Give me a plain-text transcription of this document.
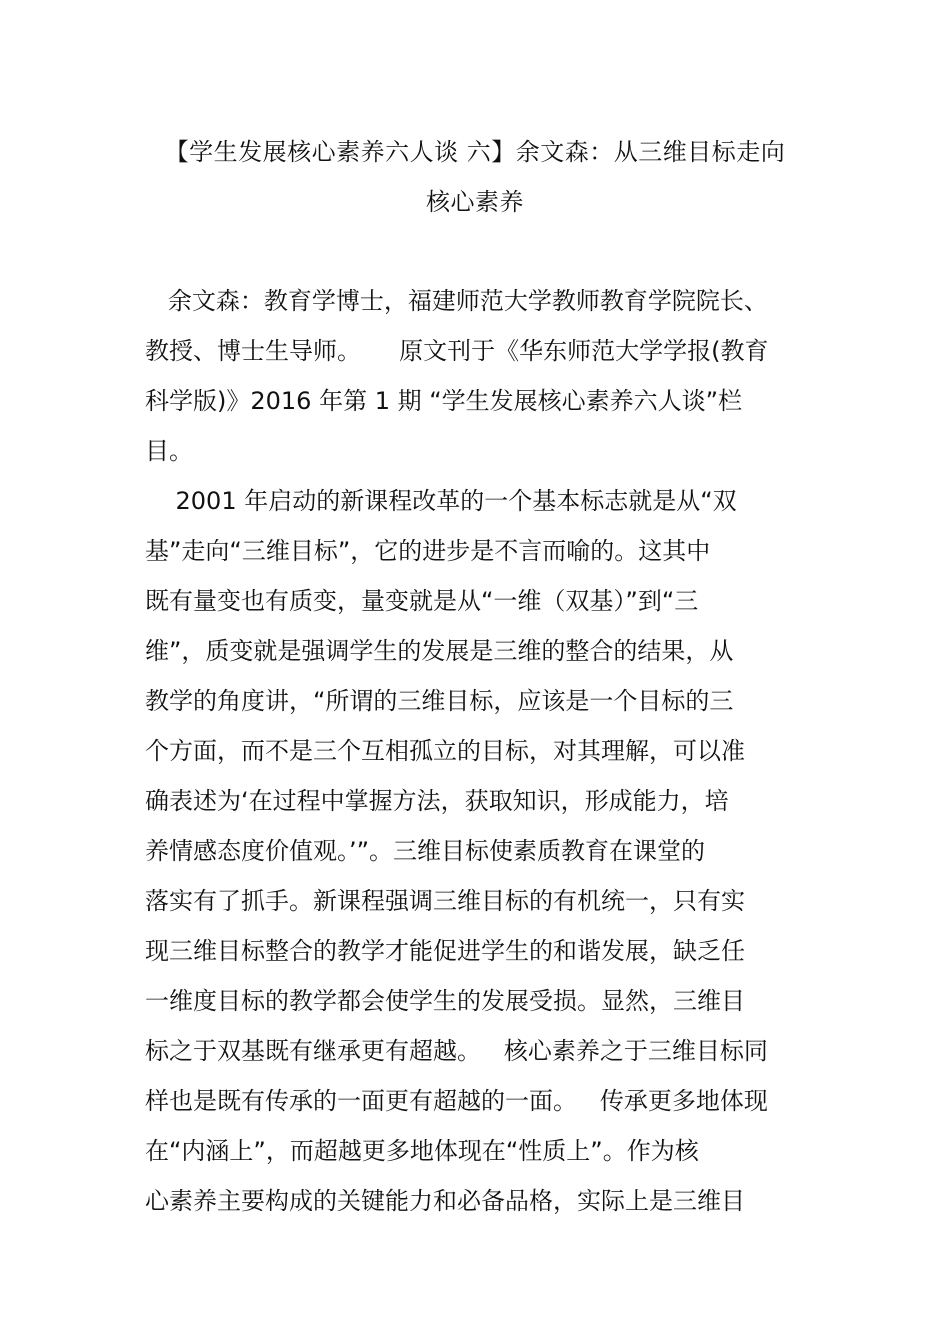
【学生发展核心素养六人谈 六】余文森：从三维目标走向
核心素养

余文森：教育学博士，福建师范大学教师教育学院院长、

教授、博士生导师。     原文刊于《华东师范大学学报(教育

科学版)》2016 年第 1 期 “学生发展核心素养六人谈”栏

目。

2001 年启动的新课程改革的一个基本标志就是从“双

基”走向“三维目标”，它的进步是不言而喻的。这其中

既有量变也有质变，量变就是从“一维（双基）”到“三

维”，质变就是强调学生的发展是三维的整合的结果，从

教学的角度讲，“所谓的三维目标，应该是一个目标的三

个方面，而不是三个互相孤立的目标，对其理解，可以准

确表述为‘在过程中掌握方法，获取知识，形成能力，培

养情感态度价值观。’”。三维目标使素质教育在课堂的

落实有了抓手。新课程强调三维目标的有机统一，只有实

现三维目标整合的教学才能促进学生的和谐发展，缺乏任

一维度目标的教学都会使学生的发展受损。显然，三维目

标之于双基既有继承更有超越。   核心素养之于三维目标同

样也是既有传承的一面更有超越的一面。   传承更多地体现

在“内涵上”，而超越更多地体现在“性质上”。作为核

心素养主要构成的关键能力和必备品格，实际上是三维目
